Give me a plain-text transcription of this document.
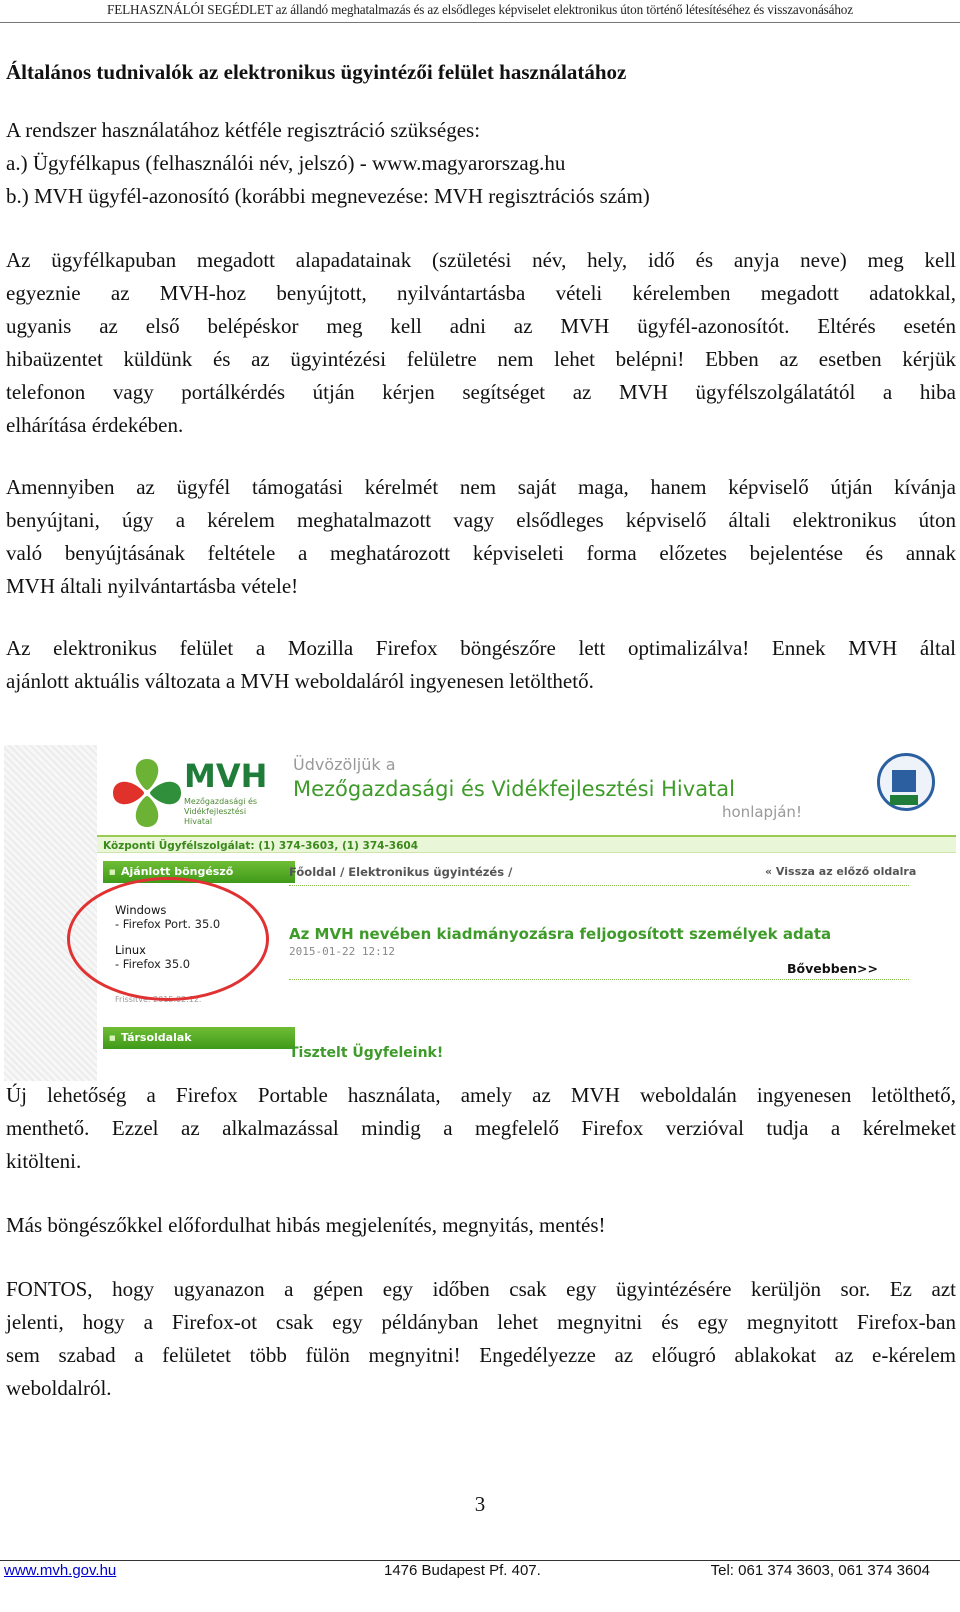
FELHASZNÁLÓI SEGÉDLET az állandó meghatalmazás és az elsődleges képviselet elektronikus úton történő létesítéséhez és visszavonásához
Általános tudnivalók az elektronikus ügyintézői felület használatához
A rendszer használatához kétféle regisztráció szükséges:
a.) Ügyfélkapus (felhasználói név, jelszó) - www.magyarorszag.hu
b.) MVH ügyfél-azonosító (korábbi megnevezése: MVH regisztrációs szám)
Az ügyfélkapuban megadott alapadatainak (születési név, hely, idő és anyja neve) meg kell
egyeznie az MVH-hoz benyújtott, nyilvántartásba vételi kérelemben megadott adatokkal,
ugyanis az első belépéskor meg kell adni az MVH ügyfél-azonosítót. Eltérés esetén
hibaüzentet küldünk és az ügyintézési felületre nem lehet belépni! Ebben az esetben kérjük
telefonon vagy portálkérdés útján kérjen segítséget az MVH ügyfélszolgálatától a hiba
elhárítása érdekében.
Amennyiben az ügyfél támogatási kérelmét nem saját maga, hanem képviselő útján kívánja
benyújtani, úgy a kérelem meghatalmazott vagy elsődleges képviselő általi elektronikus úton
való benyújtásának feltétele a meghatározott képviseleti forma előzetes bejelentése és annak
MVH általi nyilvántartásba vétele!
Az elektronikus felület a Mozilla Firefox böngészőre lett optimalizálva! Ennek MVH által
ajánlott aktuális változata a MVH weboldaláról ingyenesen letölthető.
MVH
Mezőgazdasági és Vidékfejlesztési Hivatal
Üdvözöljük a
Mezőgazdasági és Vidékfejlesztési Hivatal
honlapján!
Központi Ügyfélszolgálat: (1) 374-3603, (1) 374-3604
■ Ajánlott böngésző
Windows
- Firefox Port. 35.0
Linux
- Firefox 35.0
Frissítve: 2015.02.12.
■ Társoldalak
Főoldal / Elektronikus ügyintézés /	« Vissza az előző oldalra
Az MVH nevében kiadmányozásra feljogosított személyek adata
2015-01-22 12:12
Bővebben>>
Tisztelt Ügyfeleink!
Új lehetőség a Firefox Portable használata, amely az MVH weboldalán ingyenesen letölthető,
menthető. Ezzel az alkalmazással mindig a megfelelő Firefox verzióval tudja a kérelmeket
kitölteni.
Más böngészőkkel előfordulhat hibás megjelenítés, megnyitás, mentés!
FONTOS, hogy ugyanazon a gépen egy időben csak egy ügyintézésére kerüljön sor. Ez azt
jelenti, hogy a Firefox-ot csak egy példányban lehet megnyitni és egy megnyitott Firefox-ban
sem szabad a felületet több fülön megnyitni! Engedélyezze az előugró ablakokat az e-kérelem
weboldalról.
3
www.mvh.gov.hu	1476 Budapest Pf. 407.	Tel: 061 374 3603, 061 374 3604
